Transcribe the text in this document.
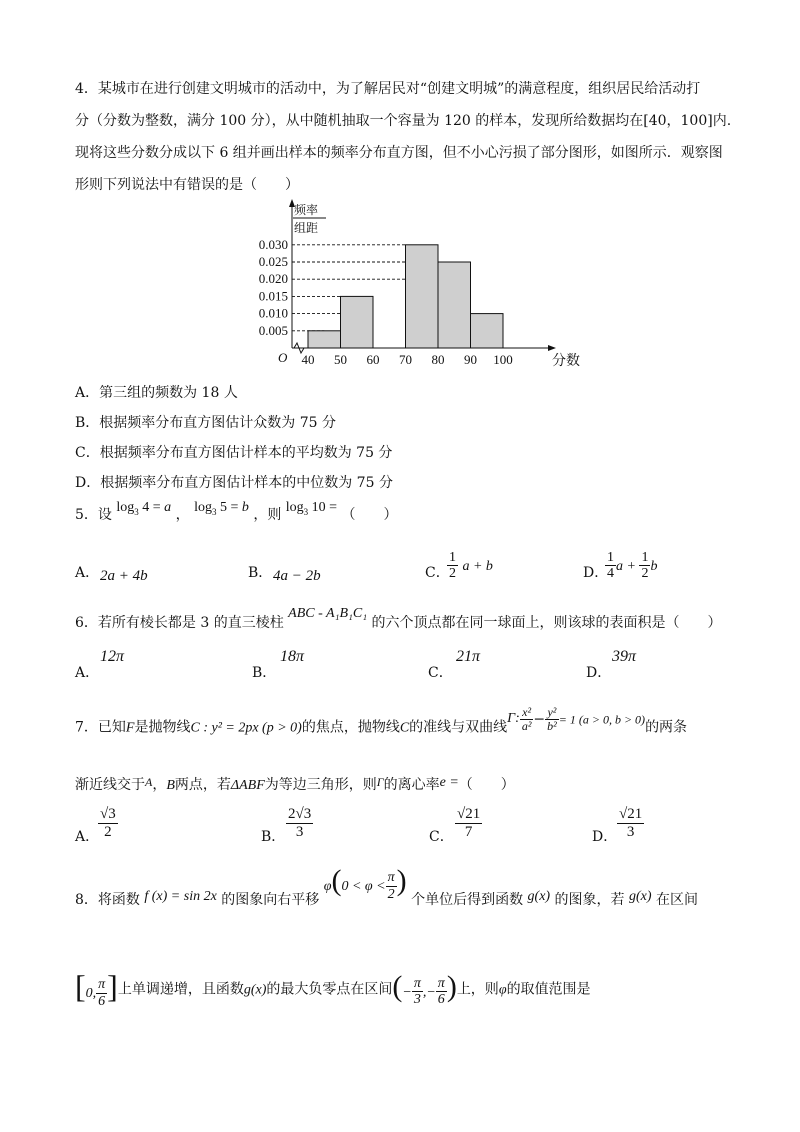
4．某城市在进行创建文明城市的活动中，为了解居民对“创建文明城”的满意程度，组织居民给活动打
分（分数为整数，满分 100 分），从中随机抽取一个容量为 120 的样本，发现所给数据均在[40，100]内.
现将这些分数分成以下 6 组并画出样本的频率分布直方图，但不小心污损了部分图形，如图所示．观察图
形则下列说法中有错误的是（　　）
频率
组距
0.005
0.010
0.015
0.020
0.025
0.030
40 50 60 70 80 90 100	分数
O
A．第三组的频数为 18 人
B．根据频率分布直方图估计众数为 75 分
C．根据频率分布直方图估计样本的平均数为 75 分
D．根据频率分布直方图估计样本的中位数为 75 分
5．设 $\log_3 4 = a$ ， $\log_3 5 = b$ ，则 $\log_3 10$ = （　　）
A． 2a + 4b	B． 4a − 2b	C．
$\frac{1}{2}$ a + b	D．
$\frac{1}{4}$ $a + \frac{1}{2}$ b
6．若所有棱长都是 3 的直三棱柱 ABC - A₁B₁C₁ 的六个顶点都在同一球面上，则该球的表面积是（　　）
A．
12π
B．
18π
C．
21π
D．
39π
7．已知F是抛物线C : y² = 2px (p > 0)的焦点，抛物线C的准线与双曲线Γ: $\frac{\text{x²}}{\text{a²}} - \frac{\text{y²}}{\text{b²}} = 1$ (a > 0, b > 0)的两条
渐近线交于A，B两点，若ΔABF为等边三角形，则Γ的离心率e =（　　）
A．
$\frac{√3}{2}$	B． $\frac{2√3}{3}$	C． $\frac{√21}{7}$	D． $\frac{√21}{3}$
8．将函数 f (x) = sin 2x 的图象向右平移 $\varphi(0 < \varphi < \frac{\pi}{2}$ ) 个单位后得到函数 g(x) 的图象，若 g(x) 在区间
[0, $\frac{\pi}{6}$ ]上单调递增，且函数g(x)的最大负零点在区间(− $\frac{\pi}{3}$ ,− $\frac{\pi}{6}$ )上，则φ的取值范围是
